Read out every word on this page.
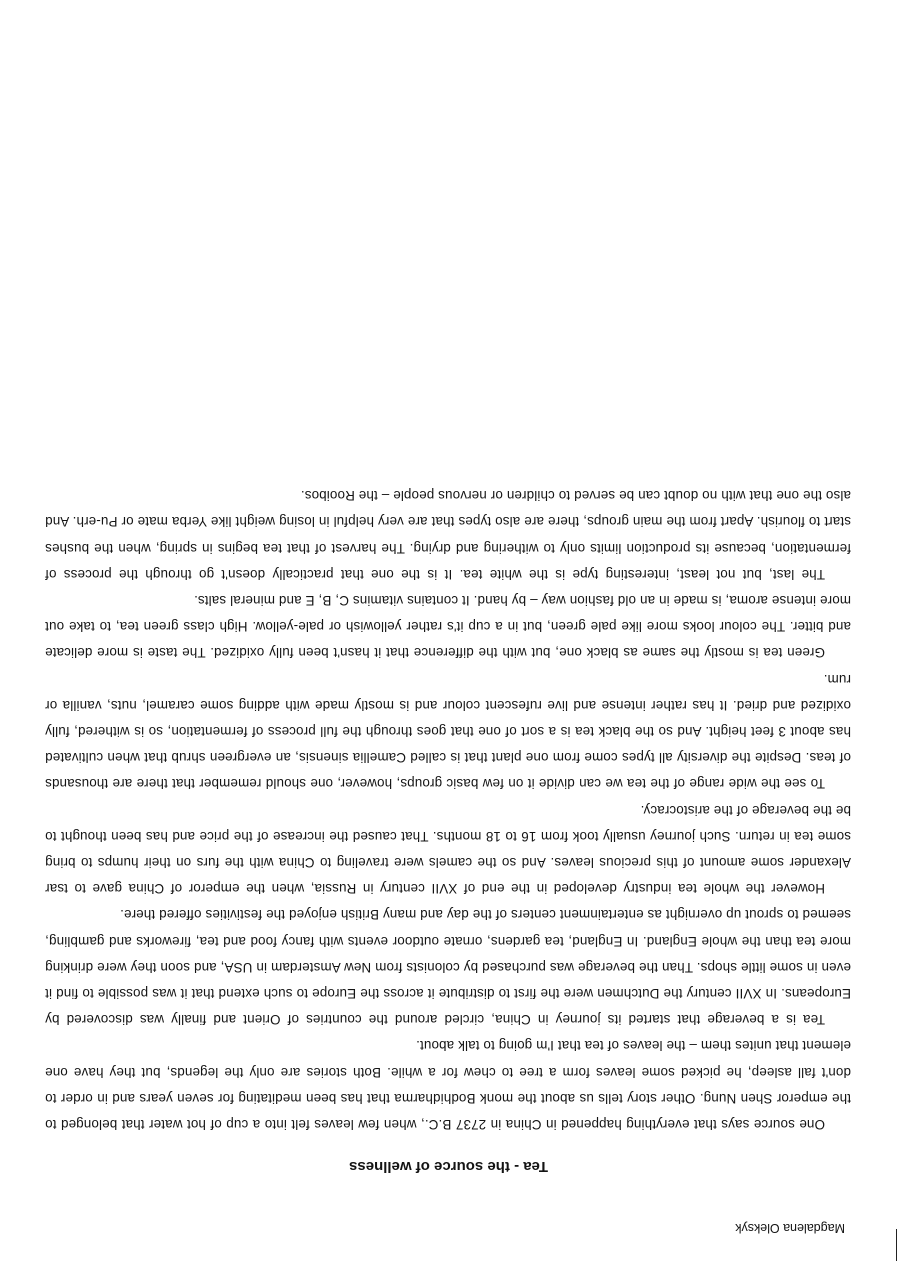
Magdalena Oleksyk
Tea - the source of wellness

One source says that everything happened in China in 2737 B.C., when few leaves felt into a cup of hot water that belonged to the emperor Shen Nung. Other story tells us about the monk Bodhidharma that has been meditating for seven years and in order to don't fall asleep, he picked some leaves form a tree to chew for a while. Both stories are only the legends, but they have one element that unites them – the leaves of tea that I'm going to talk about.

Tea is a beverage that started its journey in China, circled around the countries of Orient and finally was discovered by Europeans. In XVII century the Dutchmen were the first to distribute it across the Europe to such extend that it was possible to find it even in some little shops. Than the beverage was purchased by colonists from New Amsterdam in USA, and soon they were drinking more tea than the whole England. In England, tea gardens, ornate outdoor events with fancy food and tea, fireworks and gambling, seemed to sprout up overnight as entertainment centers of the day and many British enjoyed the festivities offered there.

However the whole tea industry developed in the end of XVII century in Russia, when the emperor of China gave to tsar Alexander some amount of this precious leaves. And so the camels were traveling to China with the furs on their humps to bring some tea in return. Such journey usually took from 16 to 18 months. That caused the increase of the price and has been thought to be the beverage of the aristocracy.

To see the wide range of the tea we can divide it on few basic groups, however, one should remember that there are thousands of teas. Despite the diversity all types come from one plant that is called Camellia sinensis, an evergreen shrub that when cultivated has about 3 feet height. And so the black tea is a sort of one that goes through the full process of fermentation, so is withered, fully oxidized and dried. It has rather intense and live rufescent colour and is mostly made with adding some caramel, nuts, vanilla or rum.

Green tea is mostly the same as black one, but with the difference that it hasn't been fully oxidized. The taste is more delicate and bitter. The colour looks more like pale green, but in a cup it's rather yellowish or pale-yellow. High class green tea, to take out more intense aroma, is made in an old fashion way – by hand. It contains vitamins C, B, E and mineral salts.

The last, but not least, interesting type is the white tea. It is the one that practically doesn't go through the process of fermentation, because its production limits only to withering and drying. The harvest of that tea begins in spring, when the bushes start to flourish. Apart from the main groups, there are also types that are very helpful in losing weight like Yerba mate or Pu-erh. And also the one that with no doubt can be served to children or nervous people – the Rooibos.
